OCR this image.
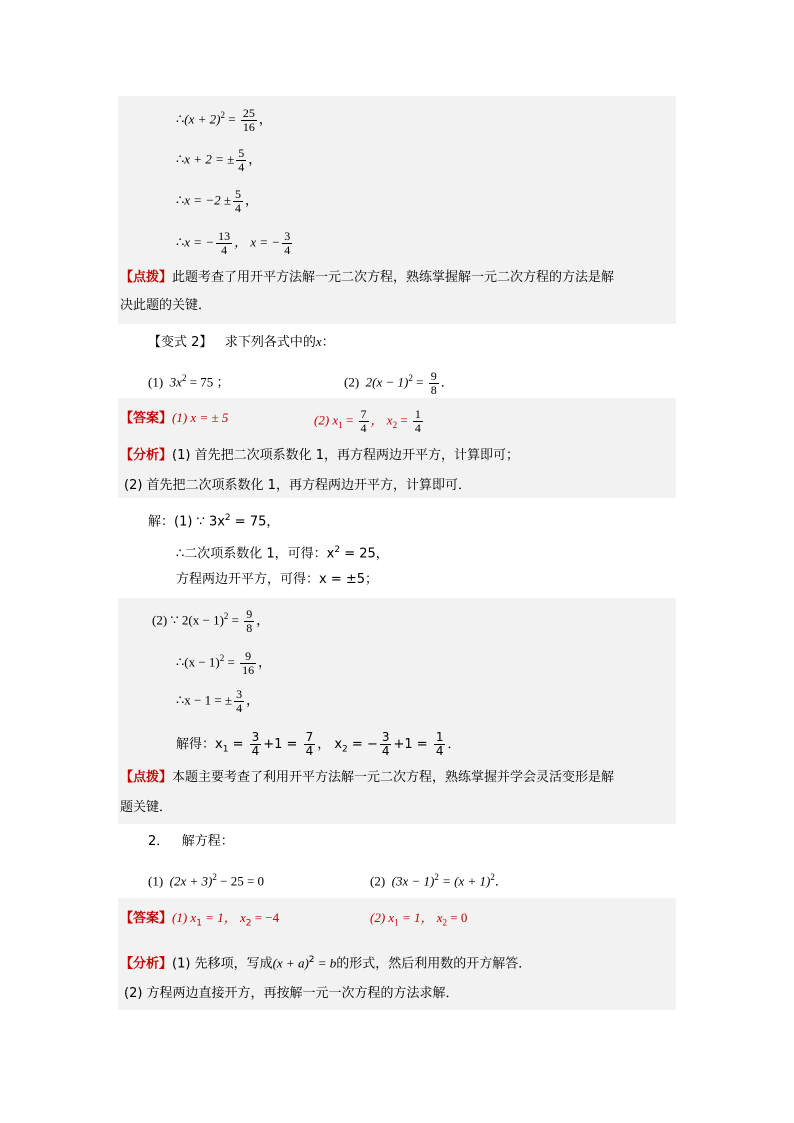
∴(x + $2)^2 = \frac{25}{16}$ ，
∴x + 2 = ± $\frac{5}{4}$ ，
∴x = $-2 \pm \frac{5}{4}$ ，
∴x = − $\frac{13}{4}$ ， x = − $\frac{3}{4}$
【点拨】此题考查了用开平方法解一元二次方程，熟练掌握解一元二次方程的方法是解
决此题的关键．
【变式 2】 求下列各式中的x：
(1) $3x^2 = 75$ ；	(2) $2(x - 1)^2 = \frac{9}{8}$ ．
【答案】(1) x = ± 5	(2) $x_1 = \frac{7}{4}$ ， $x_2 = \frac{1}{4}$
【分析】(1) 首先把二次项系数化 1，再方程两边开平方，计算即可；
(2) 首先把二次项系数化 1，再方程两边开平方，计算即可．
解：(1) ∵ $3x^2 = 75$，
∴二次项系数化 1，可得：$x^2 = 25$，
方程两边开平方，可得：x = ±5；
(2) ∵ $2(x - 1)^2 = \frac{9}{8}$ ，
∴(x − $1)^2 = \frac{9}{16}$ ，
∴x − 1 = ± $\frac{3}{4}$ ，
解得：$x_1 = \frac{3}{4} +1 = \frac{7}{4}$ ， $x_2$ = − $\frac{3}{4} +1 = \frac{1}{4}$ ．
【点拨】本题主要考查了利用开平方法解一元二次方程，熟练掌握并学会灵活变形是解
题关键．
2． 解方程：
(1) $(2x + 3)^2 - 25 = 0$	(2) $(3x - 1)^2 = (x + 1)^2$．
【答案】(1) $x_1 = 1$， $x_2 = -4$	(2) $x_1 = 1$， $x_2 = 0$
【分析】(1) 先移项，写成$(x + a)^2 = b$的形式，然后利用数的开方解答．
(2) 方程两边直接开方，再按解一元一次方程的方法求解．
